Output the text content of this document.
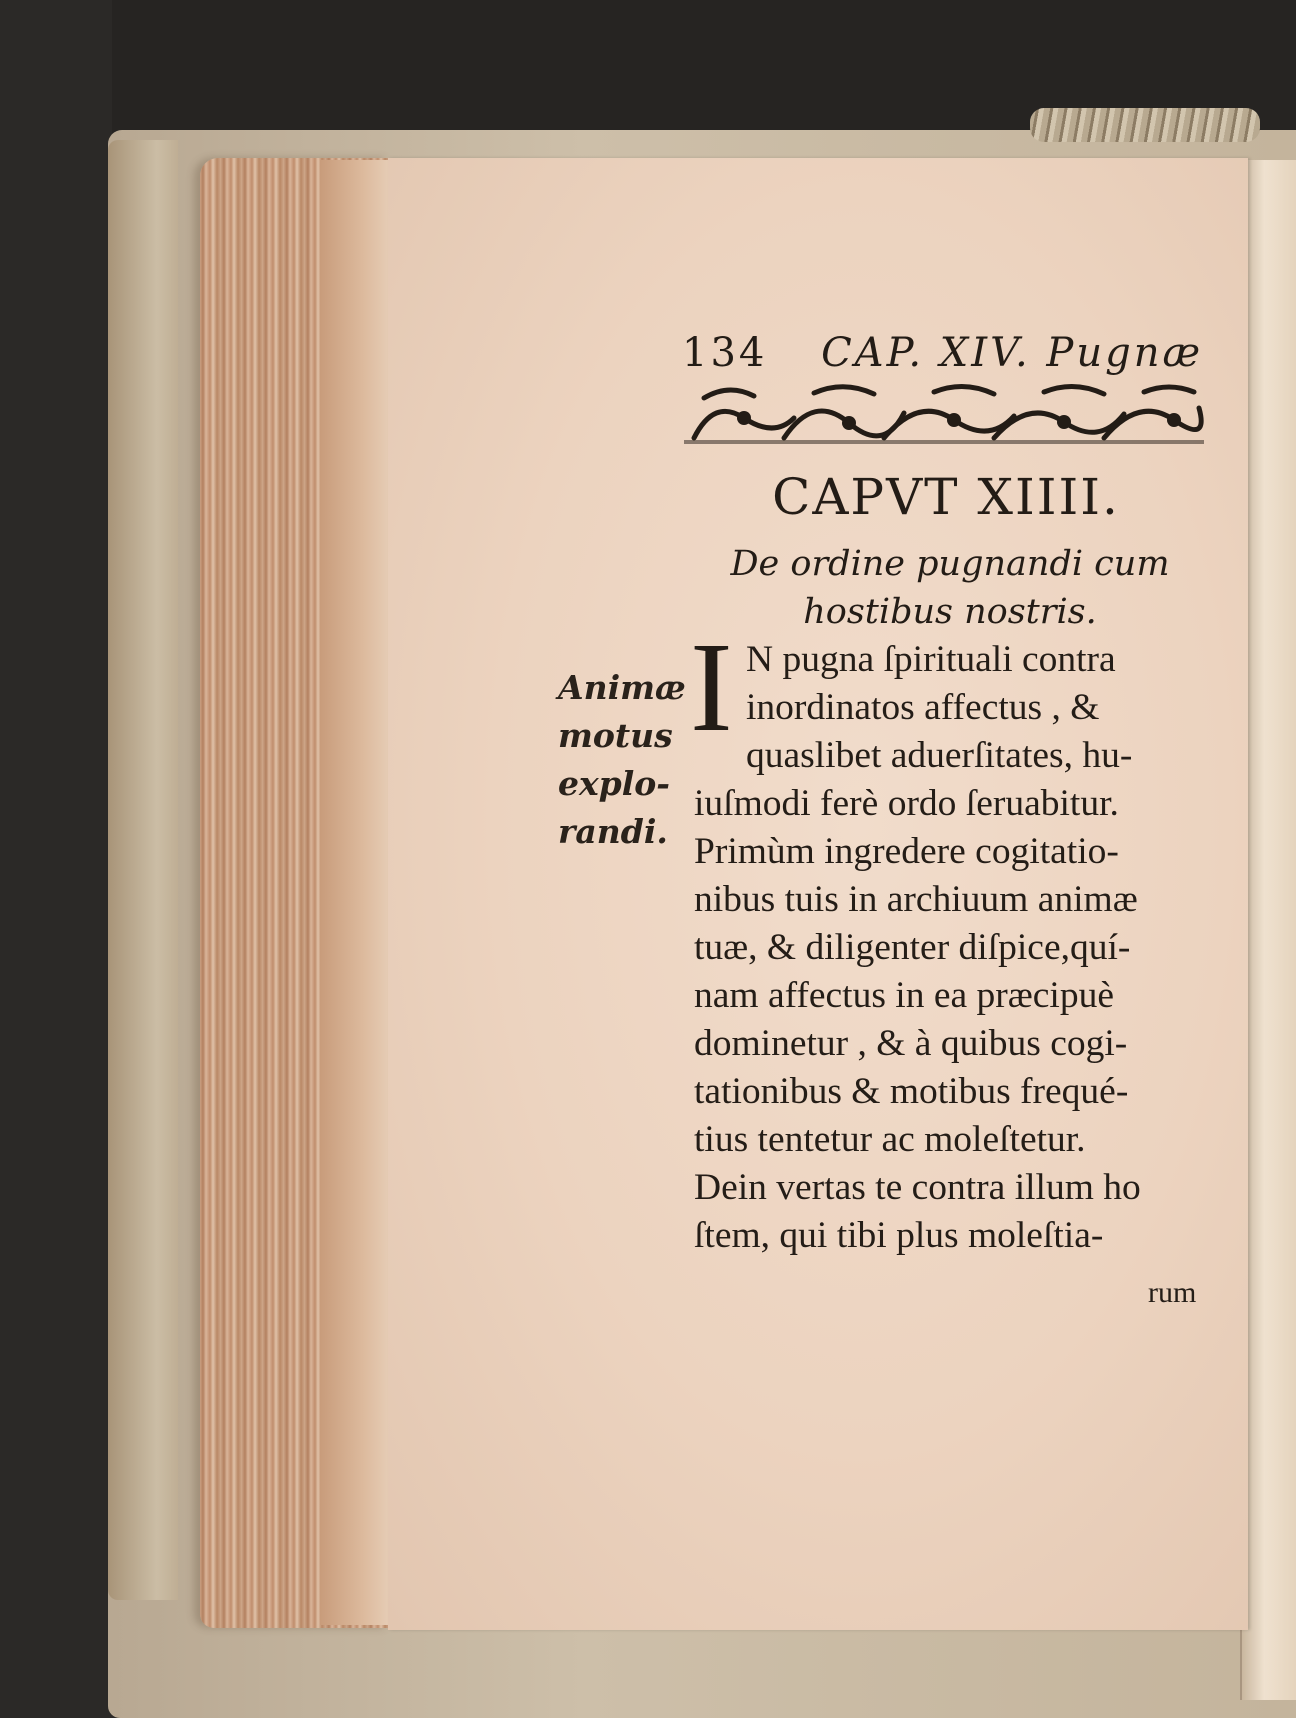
134 CAP. XIV. Pugnæ
CAPVT XIIII.
De ordine pugnandi cum hostibus nostris.
Animæ
motus
explo-
randi.
I N pugna ſpirituali contra
inordinatos affectus , &
quaslibet aduerſitates, hu-
iuſmodi ferè ordo ſeruabitur.
Primùm ingredere cogitatio-
nibus tuis in archiuum animæ
tuæ, & diligenter diſpice,quí-
nam affectus in ea præcipuè
dominetur , & à quibus cogi-
tationibus & motibus frequé-
tius tentetur ac moleſtetur.
Dein vertas te contra illum ho
ſtem, qui tibi plus moleſtia-
rum
